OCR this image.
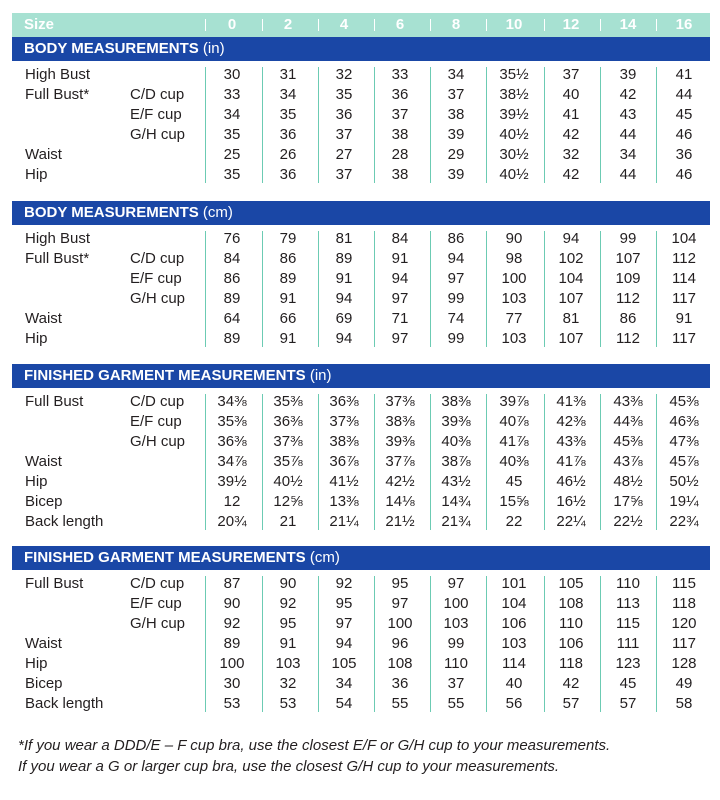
Size	0	2	4	6	8	10	12	14	16
BODY MEASUREMENTS (in)
High Bust	30	31	32	33	34	35½	37	39	41
Full Bust*	C/D cup	33	34	35	36	37	38½	40	42	44
E/F cup	34	35	36	37	38	39½	41	43	45
G/H cup	35	36	37	38	39	40½	42	44	46
Waist	25	26	27	28	29	30½	32	34	36
Hip	35	36	37	38	39	40½	42	44	46
BODY MEASUREMENTS (cm)
High Bust	76	79	81	84	86	90	94	99	104
Full Bust*	C/D cup	84	86	89	91	94	98	102	107	112
E/F cup	86	89	91	94	97	100	104	109	114
G/H cup	89	91	94	97	99	103	107	112	117
Waist	64	66	69	71	74	77	81	86	91
Hip	89	91	94	97	99	103	107	112	117
FINISHED GARMENT MEASUREMENTS (in)
Full Bust	C/D cup	34⅜	35⅜	36⅜	37⅜	38⅜	39⅞	41⅜	43⅜	45⅜
E/F cup	35⅜	36⅜	37⅜	38⅜	39⅜	40⅞	42⅜	44⅜	46⅜
G/H cup	36⅜	37⅜	38⅜	39⅜	40⅜	41⅞	43⅜	45⅜	47⅜
Waist	34⅞	35⅞	36⅞	37⅞	38⅞	40⅜	41⅞	43⅞	45⅞
Hip	39½	40½	41½	42½	43½	45	46½	48½	50½
Bicep	12	12⅝	13⅜	14⅛	14¾	15⅝	16½	17⅝	19¼
Back length	20¾	21	21¼	21½	21¾	22	22¼	22½	22¾
FINISHED GARMENT MEASUREMENTS (cm)
Full Bust	C/D cup	87	90	92	95	97	101	105	110	115
E/F cup	90	92	95	97	100	104	108	113	118
G/H cup	92	95	97	100	103	106	110	115	120
Waist	89	91	94	96	99	103	106	111	117
Hip	100	103	105	108	110	114	118	123	128
Bicep	30	32	34	36	37	40	42	45	49
Back length	53	53	54	55	55	56	57	57	58
*If you wear a DDD/E – F cup bra, use the closest E/F or G/H cup to your measurements.
If you wear a G or larger cup bra, use the closest G/H cup to your measurements.
